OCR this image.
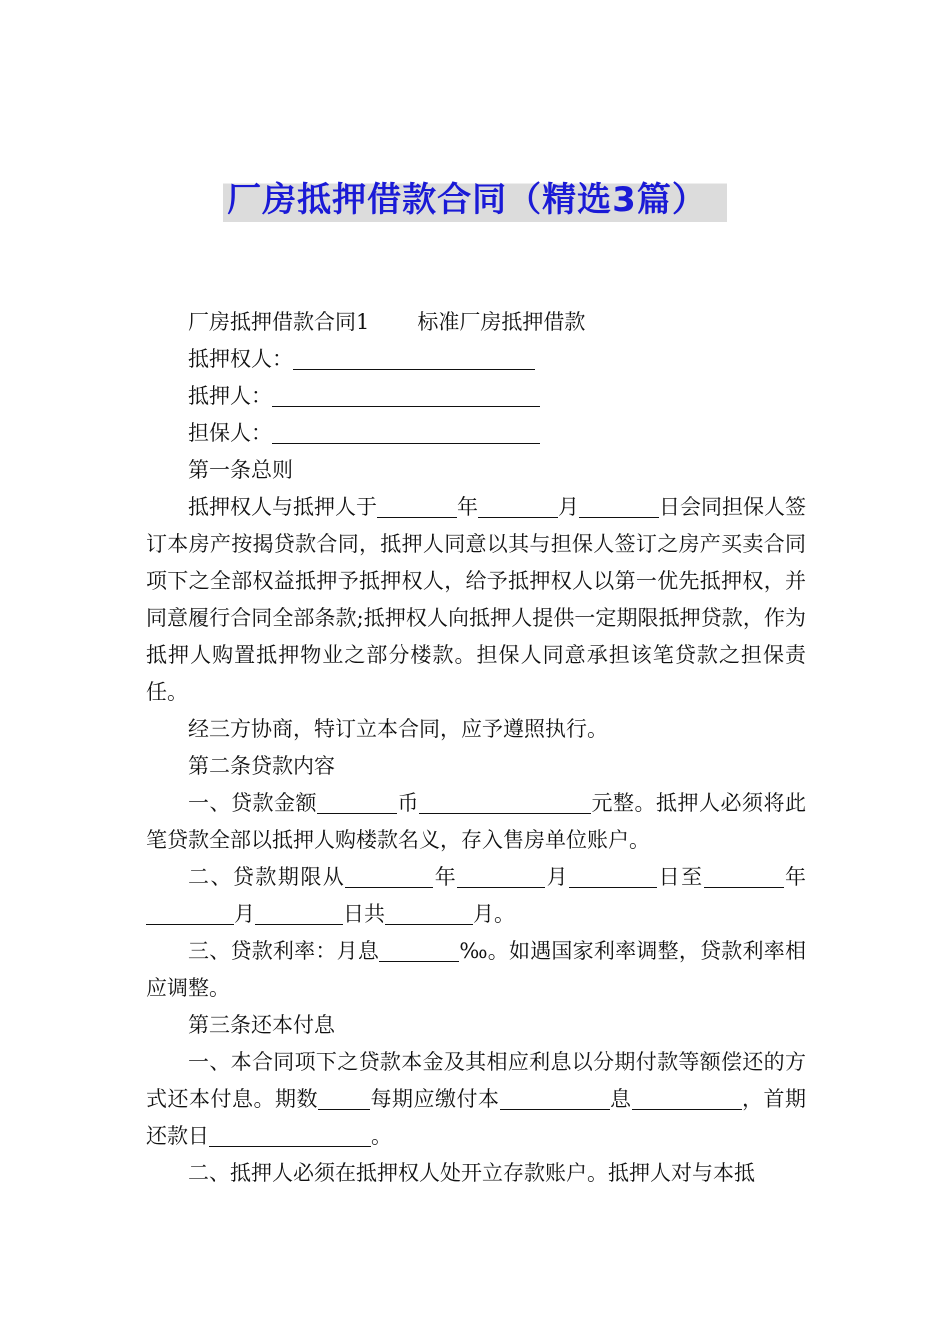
厂房抵押借款合同（精选3篇）

厂房抵押借款合同1 标准厂房抵押借款

抵押权人：

抵押人：

担保人：

第一条总则

抵押权人与抵押人于	年	月	日会同担保人签订本房产按揭贷款合同，抵押人同意以其与担保人签订之房产买卖合同项下之全部权益抵押予抵押权人，给予抵押权人以第一优先抵押权，并同意履行合同全部条款;抵押权人向抵押人提供一定期限抵押贷款，作为抵押人购置抵押物业之部分楼款。担保人同意承担该笔贷款之担保责任。

经三方协商，特订立本合同，应予遵照执行。

第二条贷款内容

一、贷款金额	币	元整。抵押人必须将此笔贷款全部以抵押人购楼款名义，存入售房单位账户。

二、贷款期限从	年	月	日至	年月	日共	月。

三、贷款利率：月息	‰。如遇国家利率调整，贷款利率相应调整。

第三条还本付息

一、本合同项下之贷款本金及其相应利息以分期付款等额偿还的方式还本付息。期数 每期应缴付本	息	，首期还款日	。

二、抵押人必须在抵押权人处开立存款账户。抵押人对与本抵
